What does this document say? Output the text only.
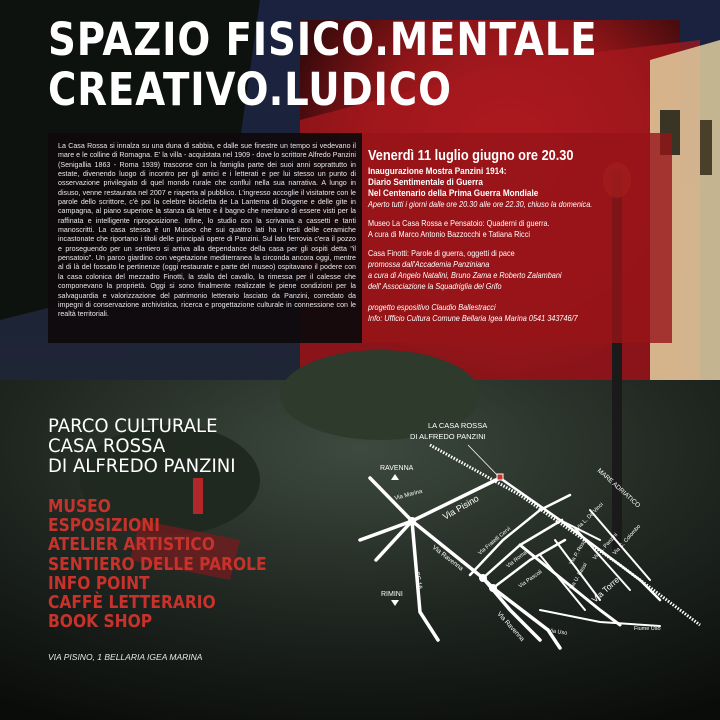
SPAZIO FISICO.MENTALE
CREATIVO.LUDICO

La Casa Rossa si innalza su una duna di sabbia, e dalle sue finestre un tempo si vedevano il mare e le colline di Romagna. E' la villa - acquistata nel 1909 - dove lo scrittore Alfredo Panzini (Senigallia 1863 - Roma 1939) trascorse con la famiglia parte dei suoi anni soprattutto in estate, divenendo luogo di incontro per gli amici e i letterati e per lui stesso un punto di osservazione privilegiato di quel mondo rurale che confluì nella sua narrativa. A lungo in disuso, venne restaurata nel 2007 e riaperta al pubblico. L'ingresso accoglie il visitatore con le parole dello scrittore, c'è poi la celebre bicicletta de La Lanterna di Diogene e delle gite in campagna, al piano superiore la stanza da letto e il bagno che meritano di essere visti per la raffinata e intelligente riproposizione. Infine, lo studio con la scrivania a cassetti e tanti manoscritti. La casa stessa è un Museo che sui quattro lati ha i resti delle ceramiche incastonate che riportano i titoli delle principali opere di Panzini. Sul lato ferrovia c'era il pozzo e proseguendo per un sentiero si arriva alla dependance della casa per gli ospiti detta "il pensatoio". Un parco giardino con vegetazione mediterranea la circonda ancora oggi, mentre al di là del fossato le pertinenze (oggi restaurate e parte del museo) ospitavano il podere con la casa colonica del mezzadro Finotti, la stalla del cavallo, la rimessa per il calesse che componevano la proprietà. Oggi si sono finalmente realizzate le piene condizioni per la salvaguardia e valorizzazione del patrimonio letterario lasciato da Panzini, corredato da impegni di conservazione archivistica, ricerca e progettazione culturale in connessione con le realtà territoriali.

Venerdì 11 luglio giugno ore 20.30
Inaugurazione Mostra Panzini 1914:
Diario Sentimentale di Guerra
Nel Centenario della Prima Guerra Mondiale
Aperto tutti i giorni dalle ore 20.30 alle ore 22.30, chiuso la domenica.
Museo La Casa Rossa e Pensatoio: Quaderni di guerra.
A cura di Marco Antonio Bazzocchi e Tatiana Ricci
Casa Finotti: Parole di guerra, oggetti di pace
promossa dall'Accademia Panziniana
a cura di Angelo Natalini, Bruno Zama e Roberto Zalambani
dell' Associazione la Squadriglia del Grifo
progetto espositivo Claudio Ballestracci
Info: Ufficio Cultura Comune Bellaria Igea Marina 0541 343746/7
PARCO CULTURALE
CASA ROSSA
DI ALFREDO PANZINI
MUSEO
ESPOSIZIONI
ATELIER ARTISTICO
SENTIERO DELLE PAROLE
INFO POINT
CAFFÈ LETTERARIO
BOOK SHOP

VIA PISINO, 1 BELLARIA IGEA MARINA

LA CASA ROSSA
DI ALFREDO PANZINI
RAVENNA
RIMINI
MARE ADRIATICO
Via Marina Via Pisino
Via Ravenna
Via Ravenna
SS 16
Via Fratelli Cervi
Via Roma
Via Pascoli
Via L. Da Vinci
Via C. Colombo
Via A. Panzini
Via P. Rosa
Via U. Bassi Via Torre
Via Uso	Fiume Uso
